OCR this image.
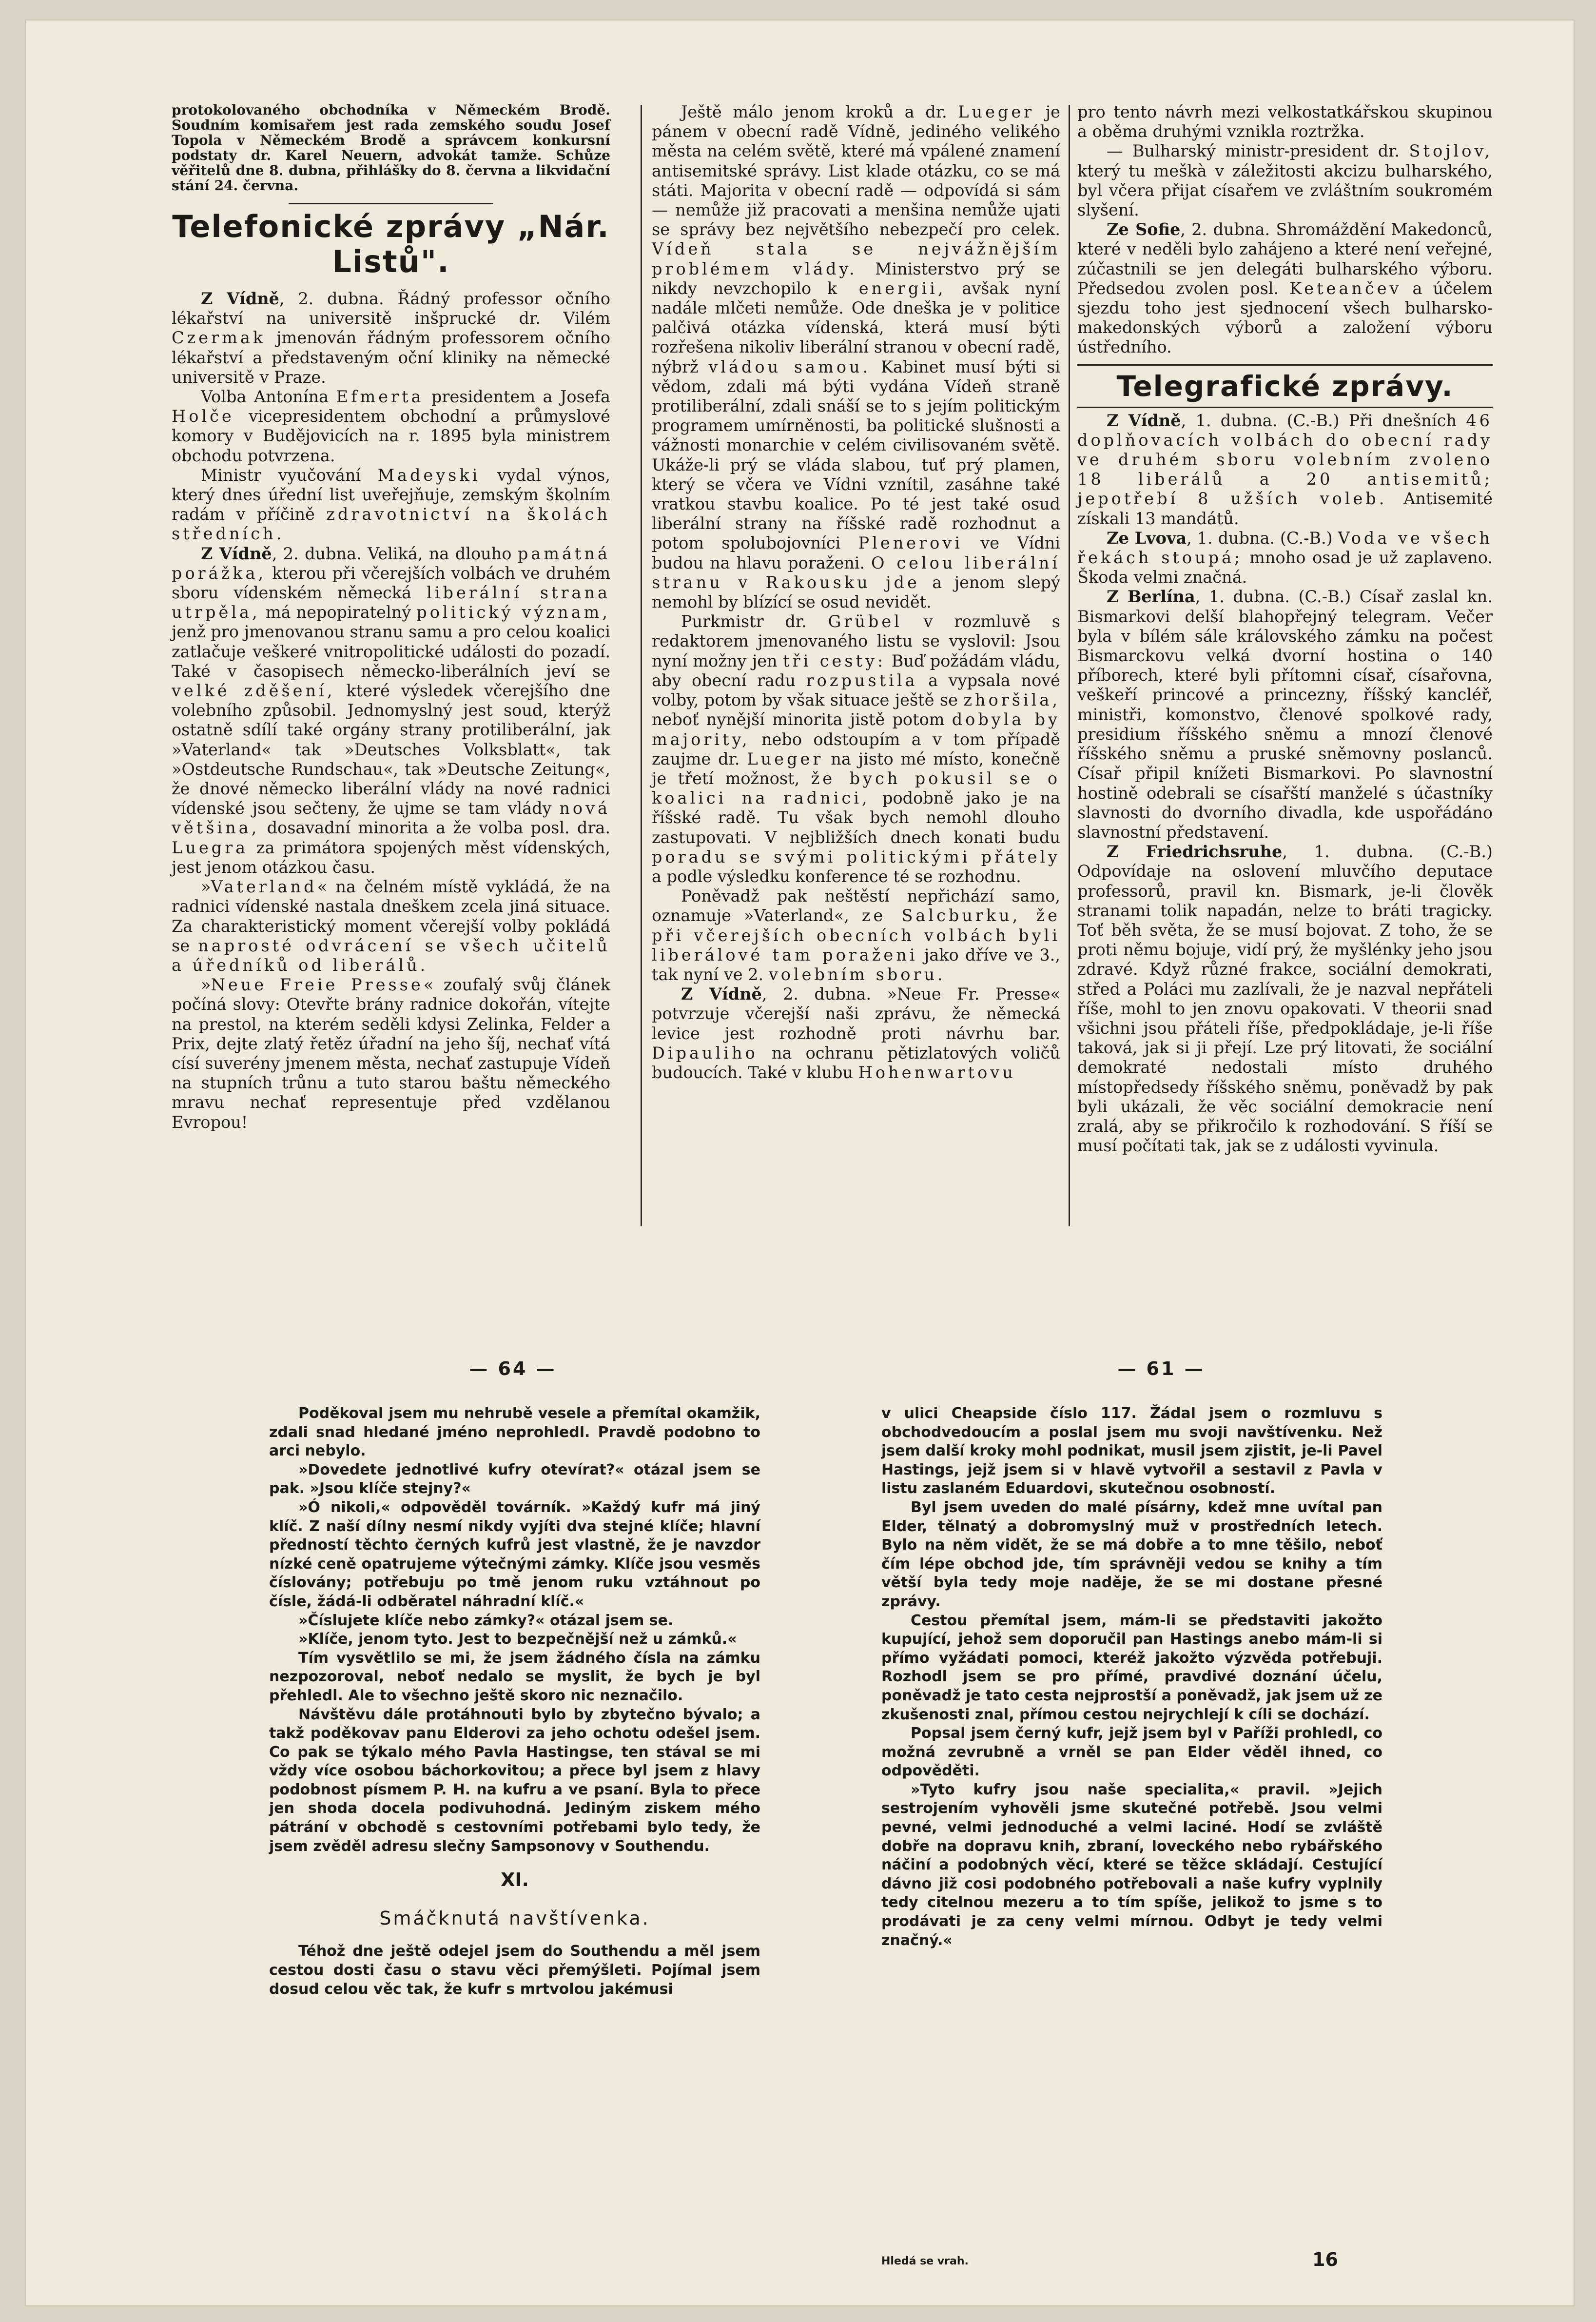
protokolovaného obchodníka v Německém Brodě. Soudním komisařem jest rada zemského soudu Josef Topola v Německém Brodě a správcem konkursní podstaty dr. Karel Neuern, advokát tamže. Schůze věřitelů dne 8. dubna, přihlášky do 8. června a likvidační stání 24. června.

Telefonické zprávy „Nár. Listů".

Z Vídně, 2. dubna. Řádný professor očního lékařství na universitě inšprucké dr. Vilém Czermak jmenován řádným professorem očního lékařství a představeným oční kliniky na německé universitě v Praze.

Volba Antonína Efmerta presidentem a Josefa Holče vicepresidentem obchodní a průmyslové komory v Budějovicích na r. 1895 byla ministrem obchodu potvrzena.

Ministr vyučování Madeyski vydal výnos, který dnes úřední list uveřejňuje, zemským školním radám v příčině zdravotnictví na školách středních.

Z Vídně, 2. dubna. Veliká, na dlouho památná porážka, kterou při včerejších volbách ve druhém sboru vídenském německá liberální strana utrpěla, má nepopiratelný politický význam, jenž pro jmenovanou stranu samu a pro celou koalici zatlačuje veškeré vnitropolitické události do pozadí. Také v časopisech německo-liberálních jeví se velké zděšení, které výsledek včerejšího dne volebního způsobil. Jednomyslný jest soud, kterýž ostatně sdílí také orgány strany protiliberální, jak »Vaterland« tak »Deutsches Volksblatt«, tak »Ostdeutsche Rundschau«, tak »Deutsche Zeitung«, že dnové německo liberální vlády na nové radnici vídenské jsou sečteny, že ujme se tam vlády nová většina, dosavadní minorita a že volba posl. dra. Luegra za primátora spojených měst vídenských, jest jenom otázkou času.

»Vaterland« na čelném místě vykládá, že na radnici vídenské nastala dneškem zcela jiná situace. Za charakteristický moment včerejší volby pokládá se naprosté odvrácení se všech učitelů a úředníků od liberálů.

»Neue Freie Presse« zoufalý svůj článek počíná slovy: Otevřte brány radnice dokořán, vítejte na prestol, na kterém seděli kdysi Zelinka, Felder a Prix, dejte zlatý řetěz úřadní na jeho šíj, nechať vítá císí suverény jmenem města, nechať zastupuje Vídeň na stupních trůnu a tuto starou baštu německého mravu nechať representuje před vzdělanou Evropou!

Ještě málo jenom kroků a dr. Lueger je pánem v obecní radě Vídně, jediného velikého města na celém světě, které má vpálené znamení antisemitské správy. List klade otázku, co se má státi. Majorita v obecní radě — odpovídá si sám — nemůže již pracovati a menšina nemůže ujati se správy bez největšího nebezpečí pro celek. Vídeň stala se nejvážnějším problémem vlády. Ministerstvo prý se nikdy nevzchopilo k energii, avšak nyní nadále mlčeti nemůže. Ode dneška je v politice palčivá otázka vídenská, která musí býti rozřešena nikoliv liberální stranou v obecní radě, nýbrž vládou samou. Kabinet musí býti si vědom, zdali má býti vydána Vídeň straně protiliberální, zdali snáší se to s jejím politickým programem umírněnosti, ba politické slušnosti a vážnosti monarchie v celém civilisovaném světě. Ukáže-li prý se vláda slabou, tuť prý plamen, který se včera ve Vídni vznítil, zasáhne také vratkou stavbu koalice. Po té jest také osud liberální strany na říšské radě rozhodnut a potom spolubojovníci Plenerovi ve Vídni budou na hlavu poraženi. O celou liberální stranu v Rakousku jde a jenom slepý nemohl by blízící se osud nevidět.

Purkmistr dr. Grübel v rozmluvě s redaktorem jmenovaného listu se vyslovil: Jsou nyní možny jen tři cesty: Buď požádám vládu, aby obecní radu rozpustila a vypsala nové volby, potom by však situace ještě se zhoršila, neboť nynější minorita jistě potom dobyla by majority, nebo odstoupím a v tom případě zaujme dr. Lueger na jisto mé místo, konečně je třetí možnost, že bych pokusil se o koalici na radnici, podobně jako je na říšské radě. Tu však bych nemohl dlouho zastupovati. V nejbližších dnech konati budu poradu se svými politickými přátely a podle výsledku konference té se rozhodnu.

Poněvadž pak neštěstí nepřichází samo, oznamuje »Vaterland«, ze Salcburku, že při včerejších obecních volbách byli liberálové tam poraženi jako dříve ve 3., tak nyní ve 2. volebním sboru.

Z Vídně, 2. dubna. »Neue Fr. Presse« potvrzuje včerejší naši zprávu, že německá levice jest rozhodně proti návrhu bar. Dipauliho na ochranu pětizlatových voličů budoucích. Také v klubu Hohenwartovu

pro tento návrh mezi velkostatkářskou skupinou a oběma druhými vznikla roztržka.

— Bulharský ministr-president dr. Stojlov, který tu meškà v záležitosti akcizu bulharského, byl včera přijat císařem ve zvláštním soukromém slyšení.

Ze Sofie, 2. dubna. Shromáždění Makedonců, které v neděli bylo zahájeno a které není veřejné, zúčastnili se jen delegáti bulharského výboru. Předsedou zvolen posl. Keteančev a účelem sjezdu toho jest sjednocení všech bulharsko-makedonských výborů a založení výboru ústředního.

Telegrafické zprávy.

Z Vídně, 1. dubna. (C.-B.) Při dnešních 46 doplňovacích volbách do obecní rady ve druhém sboru volebním zvoleno 18 liberálů a 20 antisemitů; jepotřebí 8 užších voleb. Antisemité získali 13 mandátů.

Ze Lvova, 1. dubna. (C.-B.) Voda ve všech řekách stoupá; mnoho osad je už zaplaveno. Škoda velmi značná.

Z Berlína, 1. dubna. (C.-B.) Císař zaslal kn. Bismarkovi delší blahopřejný telegram. Večer byla v bílém sále královského zámku na počest Bismarckovu velká dvorní hostina o 140 příborech, které byli přítomni císař, císařovna, veškeří princové a princezny, říšský kancléř, ministři, komonstvo, členové spolkové rady, presidium říšského sněmu a mnozí členové říšského sněmu a pruské sněmovny poslanců. Císař připil knížeti Bismarkovi. Po slavnostní hostině odebrali se císařští manželé s účastníky slavnosti do dvorního divadla, kde uspořádáno slavnostní představení.

Z Friedrichsruhe, 1. dubna. (C.-B.) Odpovídaje na oslovení mluvčího deputace professorů, pravil kn. Bismark, je-li člověk stranami tolik napadán, nelze to bráti tragicky. Toť běh světa, že se musí bojovat. Z toho, že se proti němu bojuje, vidí prý, že myšlénky jeho jsou zdravé. Když různé frakce, sociální demokrati, střed a Poláci mu zazlívali, že je nazval nepřáteli říše, mohl to jen znovu opakovati. V theorii snad všichni jsou přáteli říše, předpokládaje, je-li říše taková, jak si ji přejí. Lze prý litovati, že sociální demokraté nedostali místo druhého místopředsedy říšského sněmu, poněvadž by pak byli ukázali, že věc sociální demokracie není zralá, aby se přikročilo k rozhodování. S říší se musí počítati tak, jak se z události vyvinula.

— 64 —	— 61 —

Poděkoval jsem mu nehrubě vesele a přemítal okamžik, zdali snad hledané jméno neprohledl. Pravdě podobno to arci nebylo.

»Dovedete jednotlivé kufry otevírat?« otázal jsem se pak. »Jsou klíče stejny?«

»Ó nikoli,« odpověděl továrník. »Každý kufr má jiný klíč. Z naší dílny nesmí nikdy vyjíti dva stejné klíče; hlavní předností těchto černých kufrů jest vlastně, že je navzdor nízké ceně opatrujeme výtečnými zámky. Klíče jsou vesměs číslovány; potřebuju po tmě jenom ruku vztáhnout po čísle, žádá-li odběratel náhradní klíč.«

»Číslujete klíče nebo zámky?« otázal jsem se.

»Klíče, jenom tyto. Jest to bezpečnější než u zámků.«

Tím vysvětlilo se mi, že jsem žádného čísla na zámku nezpozoroval, neboť nedalo se myslit, že bych je byl přehledl. Ale to všechno ještě skoro nic neznačilo.

Návštěvu dále protáhnouti bylo by zbytečno bývalo; a takž poděkovav panu Elderovi za jeho ochotu odešel jsem. Co pak se týkalo mého Pavla Hastingse, ten stával se mi vždy více osobou báchorkovitou; a přece byl jsem z hlavy podobnost písmem P. H. na kufru a ve psaní. Byla to přece jen shoda docela podivuhodná. Jediným ziskem mého pátrání v obchodě s cestovními potřebami bylo tedy, že jsem zvěděl adresu slečny Sampsonovy v Southendu.

XI.

Smáčknutá navštívenka.

Téhož dne ještě odejel jsem do Southendu a měl jsem cestou dosti času o stavu věci přemýšleti. Pojímal jsem dosud celou věc tak, že kufr s mrtvolou jakémusi

v ulici Cheapside číslo 117. Žádal jsem o rozmluvu s obchodvedoucím a poslal jsem mu svoji navštívenku. Než jsem další kroky mohl podnikat, musil jsem zjistit, je-li Pavel Hastings, jejž jsem si v hlavě vytvořil a sestavil z Pavla v listu zaslaném Eduardovi, skutečnou osobností.

Byl jsem uveden do malé písárny, kdež mne uvítal pan Elder, tělnatý a dobromyslný muž v prostředních letech. Bylo na něm vidět, že se má dobře a to mne těšilo, neboť čím lépe obchod jde, tím správněji vedou se knihy a tím větší byla tedy moje naděje, že se mi dostane přesné zprávy.

Cestou přemítal jsem, mám-li se představiti jakožto kupující, jehož sem doporučil pan Hastings anebo mám-li si přímo vyžádati pomoci, kteréž jakožto výzvěda potřebuji. Rozhodl jsem se pro přímé, pravdivé doznání účelu, poněvadž je tato cesta nejprostší a poněvadž, jak jsem už ze zkušenosti znal, přímou cestou nejrychlejí k cíli se dochází.

Popsal jsem černý kufr, jejž jsem byl v Paříži prohledl, co možná zevrubně a vrněl se pan Elder věděl ihned, co odpověděti.

»Tyto kufry jsou naše specialita,« pravil. »Jejich sestrojením vyhověli jsme skutečné potřebě. Jsou velmi pevné, velmi jednoduché a velmi laciné. Hodí se zvláště dobře na dopravu knih, zbraní, loveckého nebo rybářského náčiní a podobných věcí, které se těžce skládají. Cestující dávno již cosi podobného potřebovali a naše kufry vyplnily tedy citelnou mezeru a to tím spíše, jelikož to jsme s to prodávati je za ceny velmi mírnou. Odbyt je tedy velmi značný.«

Hledá se vrah.	16
